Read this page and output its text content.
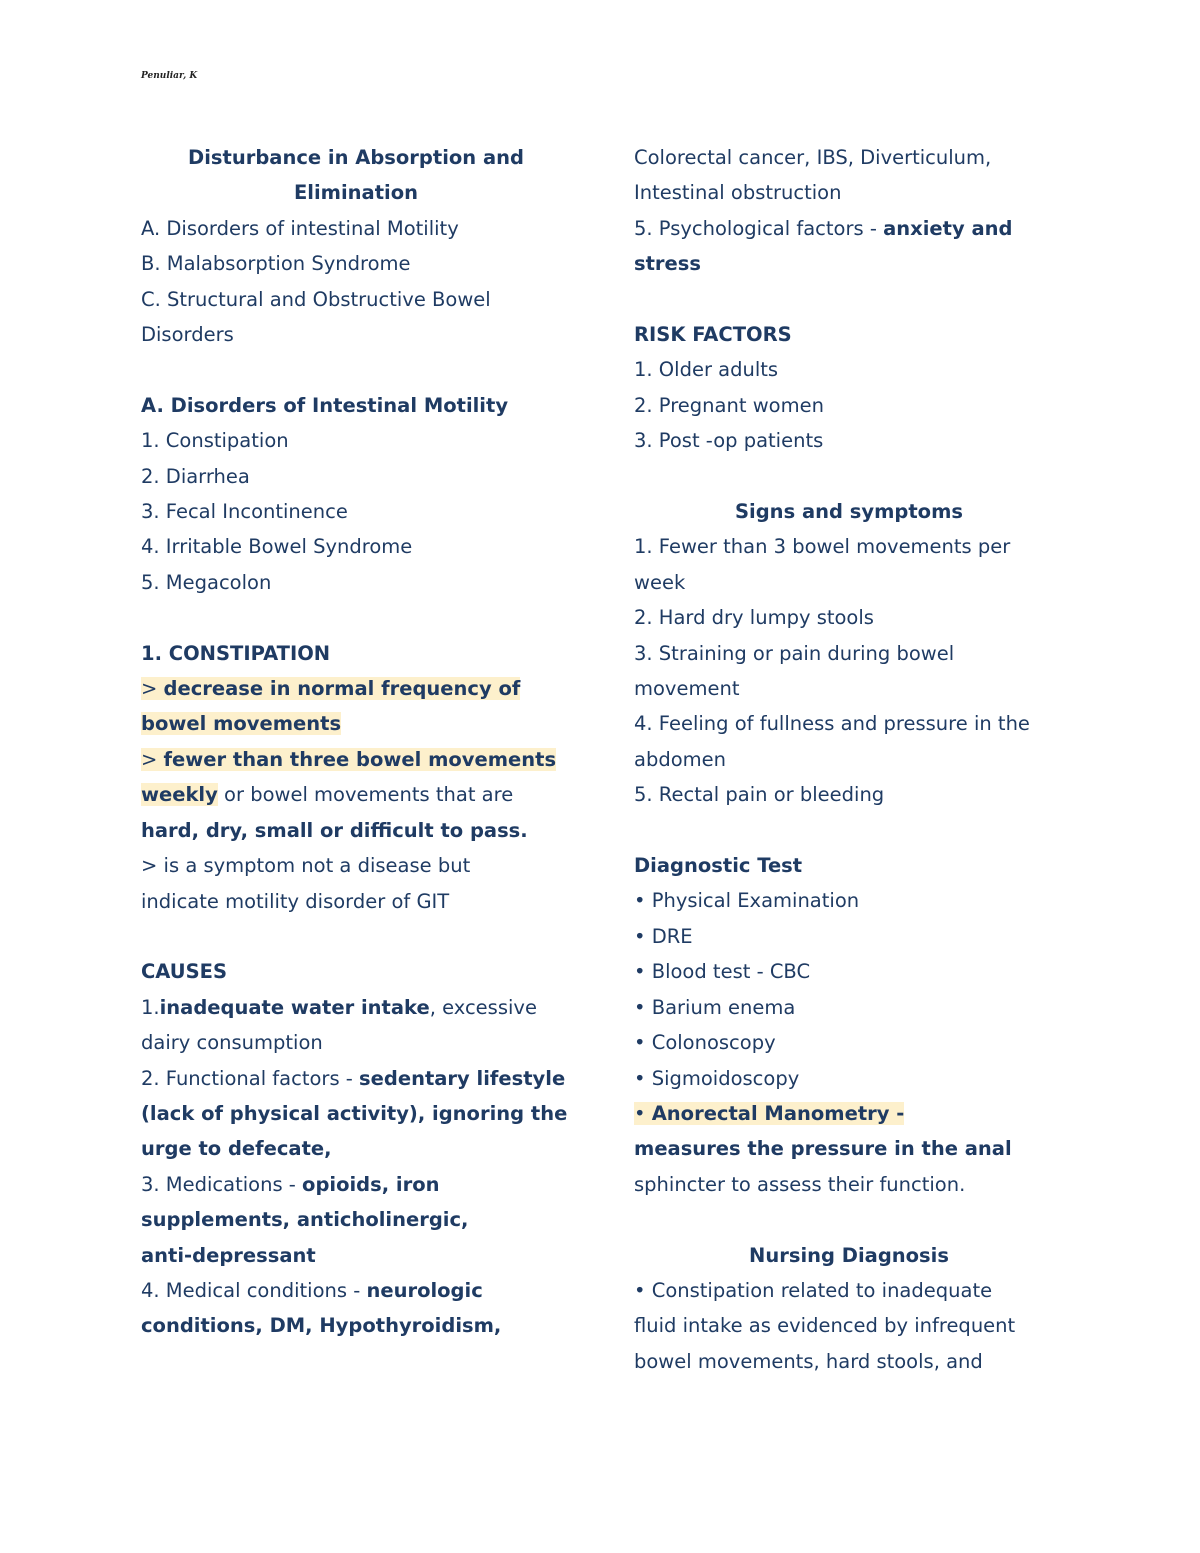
Penuliar, K
Disturbance in Absorption and
Elimination
A. Disorders of intestinal Motility
B. Malabsorption Syndrome
C. Structural and Obstructive Bowel
Disorders
A. Disorders of Intestinal Motility
1. Constipation
2. Diarrhea
3. Fecal Incontinence
4. Irritable Bowel Syndrome
5. Megacolon
1. CONSTIPATION
> decrease in normal frequency of
bowel movements
> fewer than three bowel movements
weekly or bowel movements that are
hard, dry, small or difficult to pass.
> is a symptom not a disease but
indicate motility disorder of GIT
CAUSES
1.inadequate water intake, excessive
dairy consumption
2. Functional factors - sedentary lifestyle
(lack of physical activity), ignoring the
urge to defecate,
3. Medications - opioids, iron
supplements, anticholinergic,
anti-depressant
4. Medical conditions - neurologic
conditions, DM, Hypothyroidism,
Colorectal cancer, IBS, Diverticulum,
Intestinal obstruction
5. Psychological factors - anxiety and
stress
RISK FACTORS
1. Older adults
2. Pregnant women
3. Post -op patients
Signs and symptoms
1. Fewer than 3 bowel movements per
week
2. Hard dry lumpy stools
3. Straining or pain during bowel
movement
4. Feeling of fullness and pressure in the
abdomen
5. Rectal pain or bleeding
Diagnostic Test
• Physical Examination
• DRE
• Blood test - CBC
• Barium enema
• Colonoscopy
• Sigmoidoscopy
• Anorectal Manometry -
measures the pressure in the anal
sphincter to assess their function.
Nursing Diagnosis
• Constipation related to inadequate
fluid intake as evidenced by infrequent
bowel movements, hard stools, and
